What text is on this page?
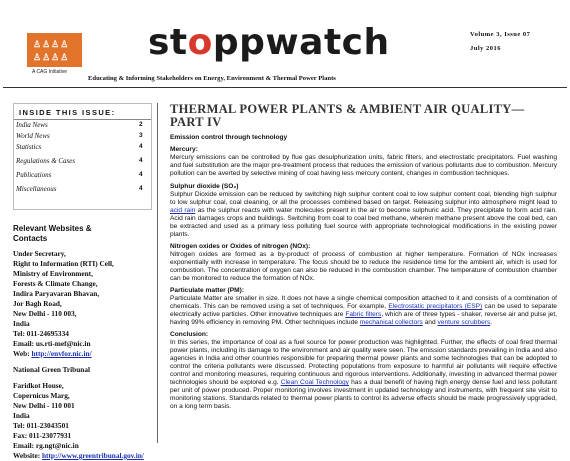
♙♙♙♙
♙♙♙♙
A CAG Initiative
stoppwatch	Volume 3, Issue 07
July 2016
Educating & Informing Stakeholders on Energy, Environment & Thermal Power Plants
INSIDE THIS ISSUE:
India News	2
World News	3
Statistics	4
Regulations & Cases	4
Publications	4
Miscellaneous	4
Relevant Websites &
Contacts
Under Secretary,
Right to Information (RTI) Cell,
Ministry of Environment,
Forests & Climate Change,
Indira Paryavaran Bhavan,
Jor Bagh Road,
New Delhi - 110 003,
India
Tel: 011-24695334
Email: us.rti-mef@nic.in
Web: http://envfor.nic.in/
National Green Tribunal
Faridkot House,
Copernicus Marg,
New Delhi - 110 001
India
Tel: 011-23043501
Fax: 011-23077931
Email: rg.ngt@nic.in
Website: http://www.greentribunal.gov.in/
THERMAL POWER PLANTS & AMBIENT AIR QUALITY— PART IV
Emission control through technology
Mercury:

Mercury emissions can be controlled by flue gas desulphurization units, fabric filters, and electrostatic precipitators. Fuel washing and fuel substitution are the major pre-treatment process that reduces the emission of various pollutants due to combustion. Mercury pollution can be averted by selective mining of coal having less mercury content, changes in combustion techniques.

Sulphur dioxide (SO₂)

Sulphur Dioxide emission can be reduced by switching high sulphur content coal to low sulphur content coal, blending high sulphur to low sulphur coal, coal cleaning, or all the processes combined based on target. Releasing sulphur into atmosphere might lead to acid rain as the sulphur reacts with water molecules present in the air to become sulphuric acid. They precipitate to form acid rain. Acid rain damages crops and buildings. Switching from coal to coal bed methane, wherein methane present above the coal bed, can be extracted and used as a primary less polluting fuel source with appropriate technological modifications in the existing power plants.

Nitrogen oxides or Oxides of nitrogen (NOx):

Nitrogen oxides are formed as a by-product of process of combustion at higher temperature. Formation of NOx increases exponentially with increase in temperature. The focus should be to reduce the residence time for the ambient air, which is used for combustion. The concentration of oxygen can also be reduced in the combustion chamber. The temperature of combustion chamber can be monitored to reduce the formation of NOx.

Particulate matter (PM):

Particulate Matter are smaller in size. It does not have a single chemical composition attached to it and consists of a combination of chemicals. This can be removed using a set of techniques. For example, Electrostatic precipitators (ESP) can be used to separate electrically active particles. Other innovative techniques are Fabric filters, which are of three types - shaker, reverse air and pulse jet, having 99% efficiency in removing PM. Other techniques include mechanical collectors and venture scrubbers.

Conclusion:

In this series, the importance of coal as a fuel source for power production was highlighted. Further, the effects of coal fired thermal power plants, including its damage to the environment and air quality were seen. The emission standards prevailing in India and also agencies in India and other countries responsible for preparing thermal power plants and some technologies that can be adopted to control the criteria pollutants were discussed. Protecting populations from exposure to harmful air pollutants will require effective control and monitoring measures, requiring continuous and rigorous interventions. Additionally, investing in advanced thermal power technologies should be explored e.g. Clean Coal Technology has a dual benefit of having high energy dense fuel and less pollutant per unit of power produced. Proper monitoring involves investment in updated technology and instruments, with frequent site visit to monitoring stations. Standards related to thermal power plants to control its adverse effects should be made progressively upgraded, on a long term basis.
